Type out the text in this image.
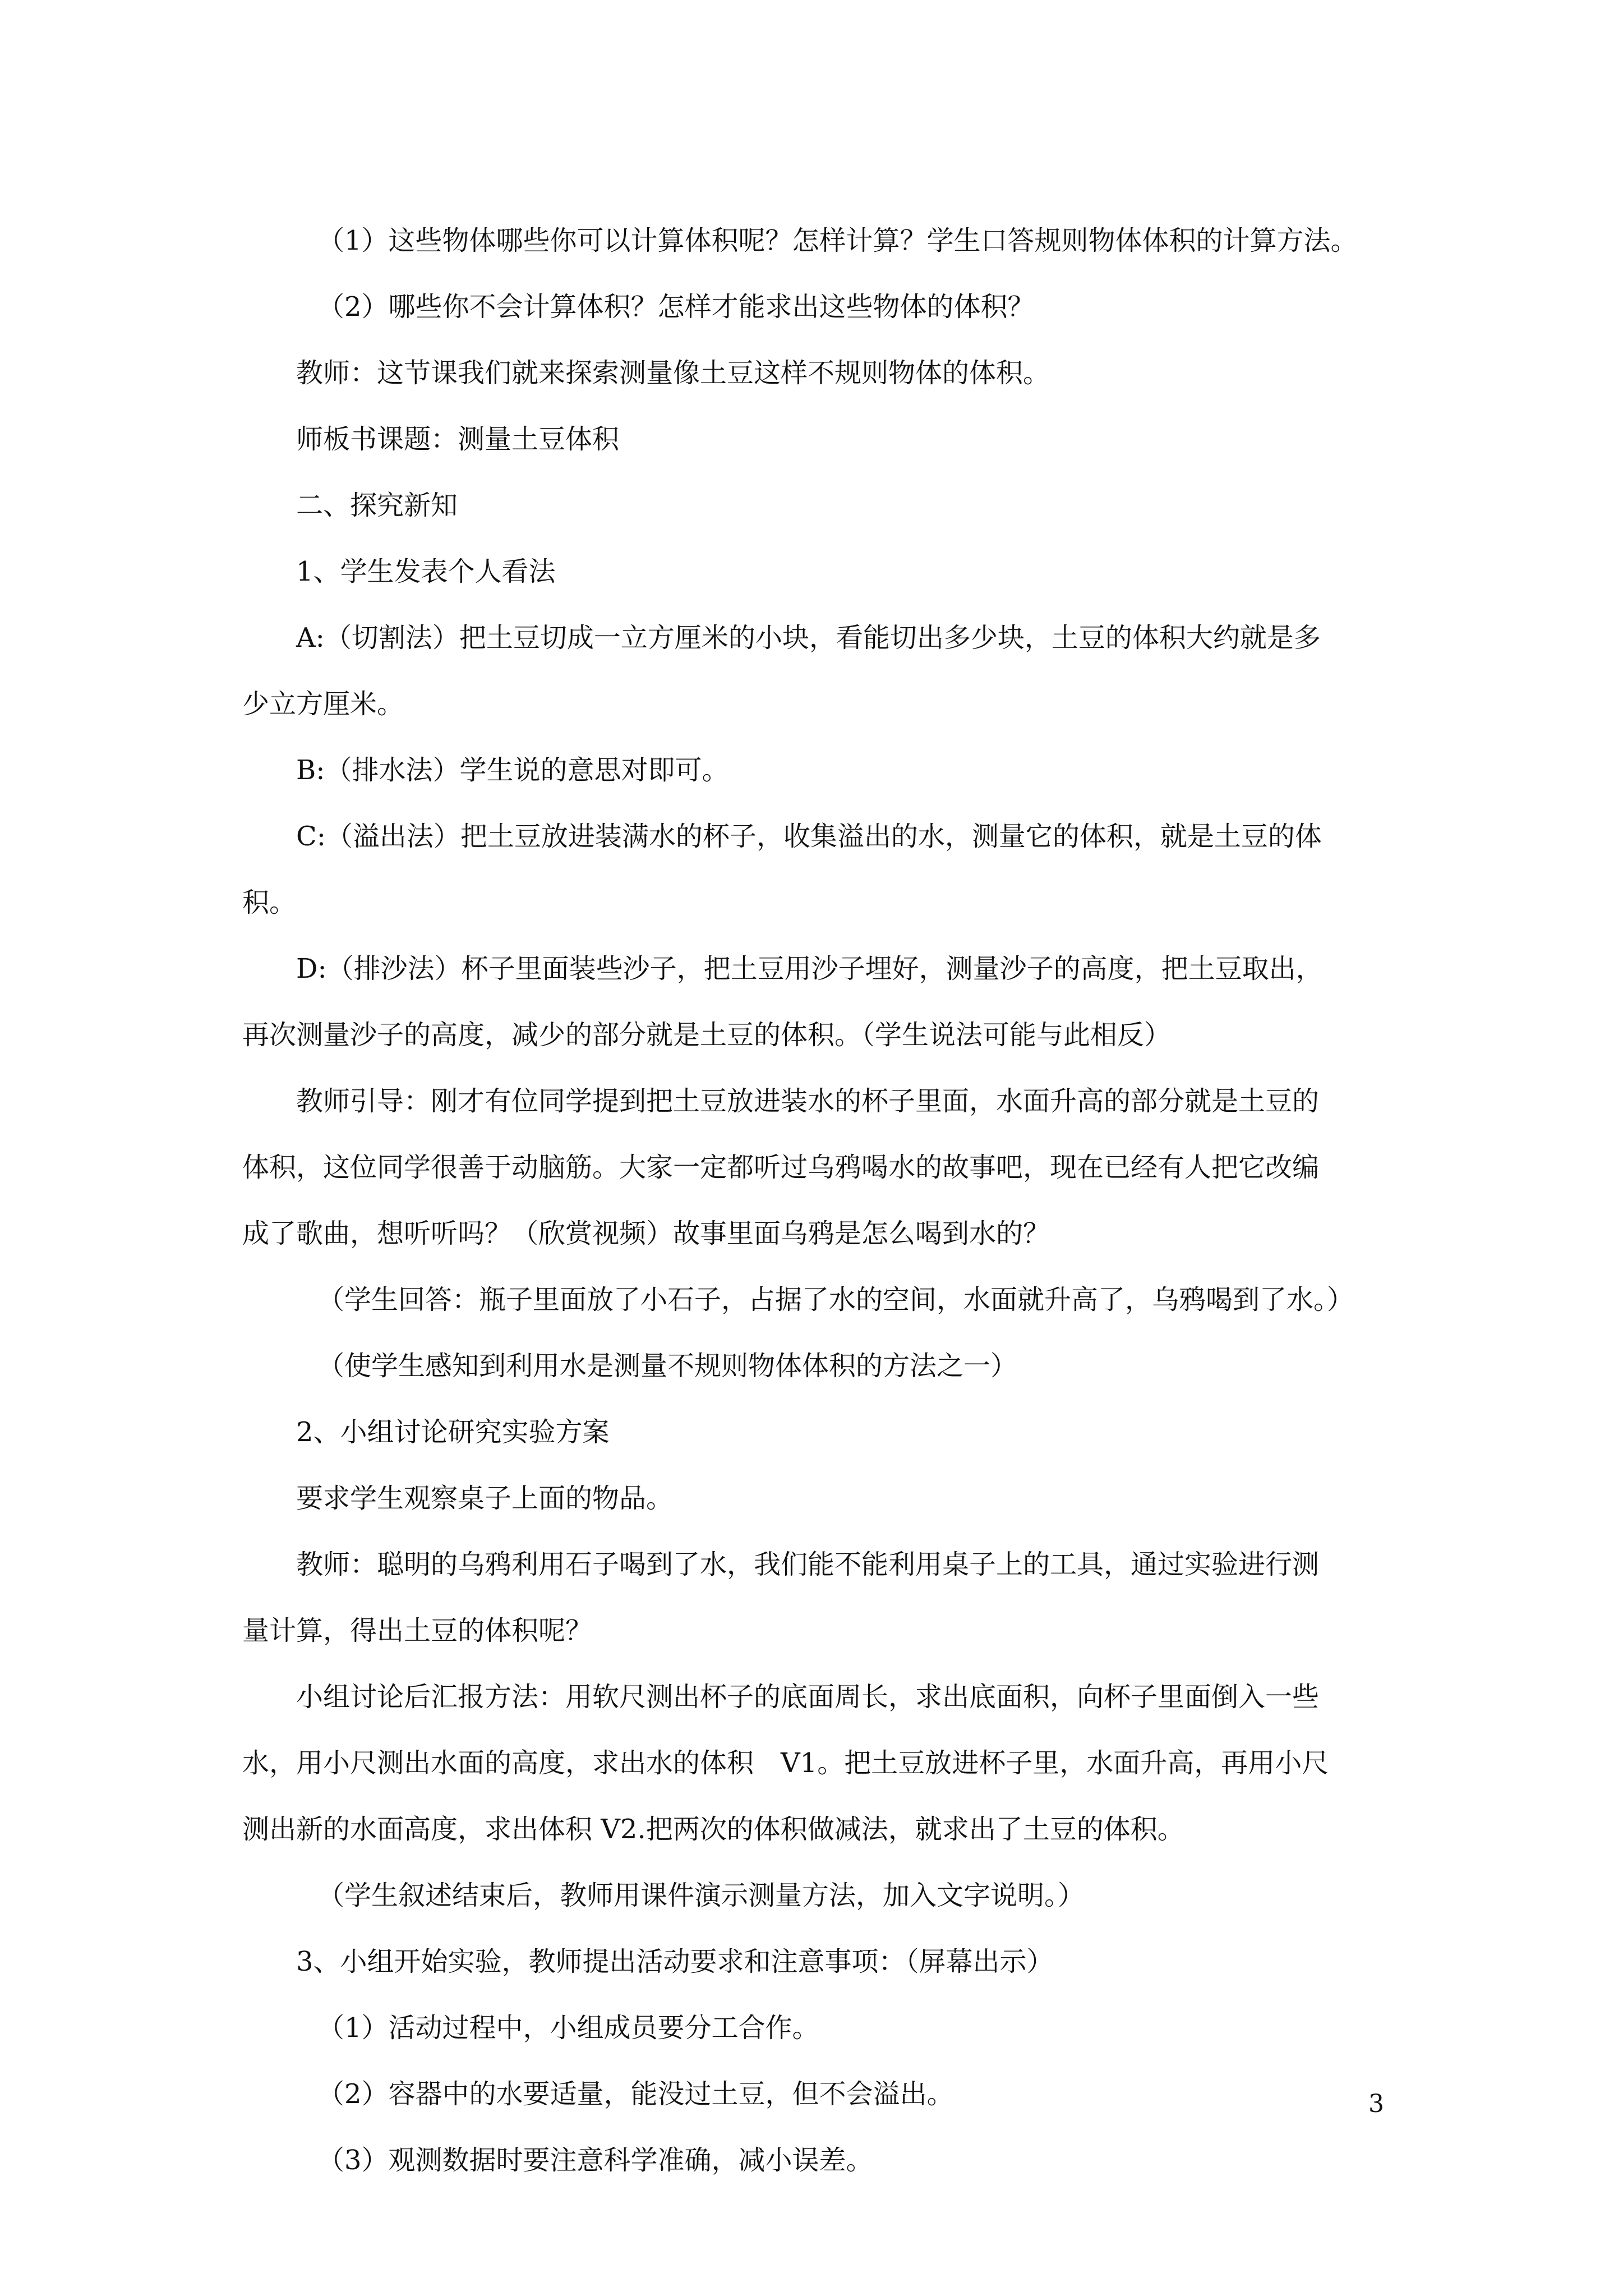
（1）这些物体哪些你可以计算体积呢？怎样计算？学生口答规则物体体积的计算方法。

（2）哪些你不会计算体积？怎样才能求出这些物体的体积？

教师：这节课我们就来探索测量像土豆这样不规则物体的体积。

师板书课题：测量土豆体积

二、探究新知

1、学生发表个人看法

A:（切割法）把土豆切成一立方厘米的小块，看能切出多少块，土豆的体积大约就是多

少立方厘米。

B:（排水法）学生说的意思对即可。

C:（溢出法）把土豆放进装满水的杯子，收集溢出的水，测量它的体积，就是土豆的体

积。

D:（排沙法）杯子里面装些沙子，把土豆用沙子埋好，测量沙子的高度，把土豆取出，

再次测量沙子的高度，减少的部分就是土豆的体积。（学生说法可能与此相反）

教师引导：刚才有位同学提到把土豆放进装水的杯子里面，水面升高的部分就是土豆的

体积，这位同学很善于动脑筋。大家一定都听过乌鸦喝水的故事吧，现在已经有人把它改编

成了歌曲，想听听吗？（欣赏视频）故事里面乌鸦是怎么喝到水的？

（学生回答：瓶子里面放了小石子，占据了水的空间，水面就升高了，乌鸦喝到了水。）

（使学生感知到利用水是测量不规则物体体积的方法之一）

2、小组讨论研究实验方案

要求学生观察桌子上面的物品。

教师：聪明的乌鸦利用石子喝到了水，我们能不能利用桌子上的工具，通过实验进行测

量计算，得出土豆的体积呢？

小组讨论后汇报方法：用软尺测出杯子的底面周长，求出底面积，向杯子里面倒入一些

水，用小尺测出水面的高度，求出水的体积　V1。把土豆放进杯子里，水面升高，再用小尺

测出新的水面高度，求出体积 V2.把两次的体积做减法，就求出了土豆的体积。

（学生叙述结束后，教师用课件演示测量方法，加入文字说明。）

3、小组开始实验，教师提出活动要求和注意事项：（屏幕出示）

（1）活动过程中，小组成员要分工合作。

（2）容器中的水要适量，能没过土豆，但不会溢出。

（3）观测数据时要注意科学准确，减小误差。

3
